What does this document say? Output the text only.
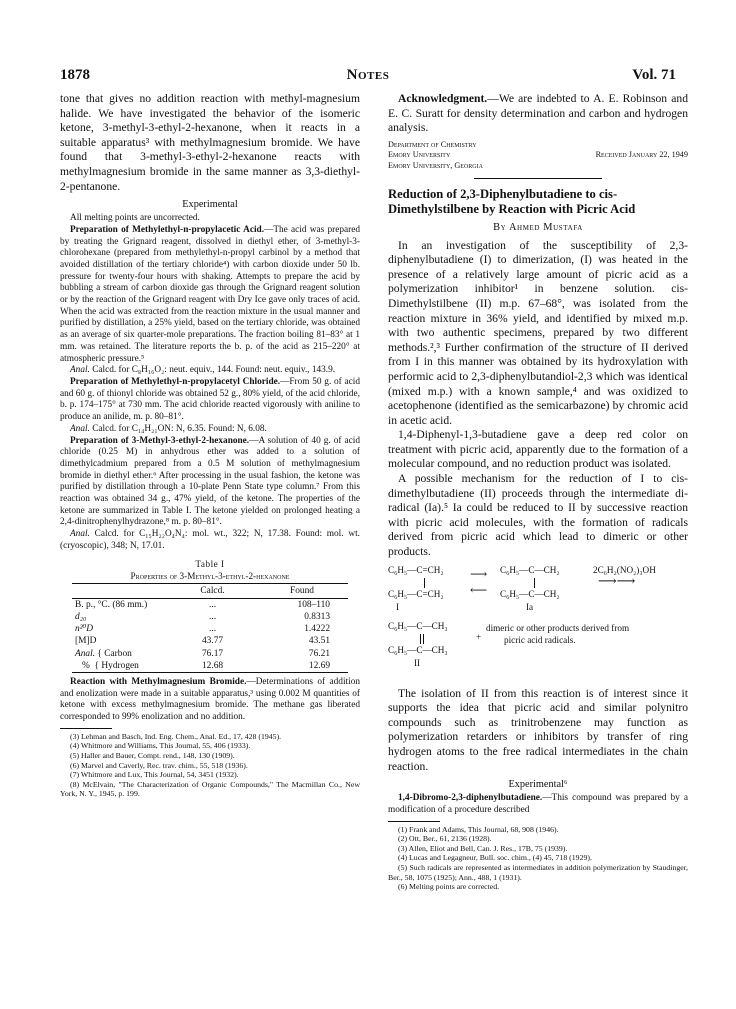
1878	Notes	Vol. 71

tone that gives no addition reaction with methyl-magnesium halide. We have investigated the behavior of the isomeric ketone, 3-methyl-3-ethyl-2-hexanone, when it reacts in a suitable apparatus³ with methylmagnesium bromide. We have found that 3-methyl-3-ethyl-2-hexanone reacts with methylmagnesium bromide in the same manner as 3,3-diethyl-2-pentanone.

Experimental

All melting points are uncorrected.

Preparation of Methylethyl-n-propylacetic Acid.—The acid was prepared by treating the Grignard reagent, dissolved in diethyl ether, of 3-methyl-3-chlorohexane (prepared from methylethyl-n-propyl carbinol by a method that avoided distillation of the tertiary chloride⁴) with carbon dioxide under 50 lb. pressure for twenty-four hours with shaking. Attempts to prepare the acid by bubbling a stream of carbon dioxide gas through the Grignard reagent solution or by the reaction of the Grignard reagent with Dry Ice gave only traces of acid. When the acid was extracted from the reaction mixture in the usual manner and purified by distillation, a 25% yield, based on the tertiary chloride, was obtained as an average of six quarter-mole preparations. The fraction boiling 81–83° at 1 mm. was retained. The literature reports the b. p. of the acid as 215–220° at atmospheric pressure.⁵

Anal. Calcd. for C₈H₁₆O₂: neut. equiv., 144. Found: neut. equiv., 143.9.

Preparation of Methylethyl-n-propylacetyl Chloride.—From 50 g. of acid and 60 g. of thionyl chloride was obtained 52 g., 80% yield, of the acid chloride, b. p. 174–175° at 730 mm. The acid chloride reacted vigorously with aniline to produce an anilide, m. p. 80–81°.

Anal. Calcd. for C₁₄H₂₁ON: N, 6.35. Found: N, 6.08.

Preparation of 3-Methyl-3-ethyl-2-hexanone.—A solution of 40 g. of acid chloride (0.25 M) in anhydrous ether was added to a solution of dimethylcadmium prepared from a 0.5 M solution of methylmagnesium bromide in diethyl ether.⁶ After processing in the usual fashion, the ketone was purified by distillation through a 10-plate Penn State type column.⁷ From this reaction was obtained 34 g., 47% yield, of the ketone. The properties of the ketone are summarized in Table I. The ketone yielded on prolonged heating a 2,4-dinitrophenylhydrazone,⁸ m. p. 80–81°.

Anal. Calcd. for C₁₅H₂₂O₄N₄: mol. wt., 322; N, 17.38. Found: mol. wt. (cryoscopic), 348; N, 17.01.

Table I
Properties of 3-Methyl-3-ethyl-2-hexanone
	Calcd.	Found
B. p., °C. (86 mm.)	...	108–110
d₂₀	...	0.8313
n²⁰D	...	1.4222
[M]D	43.77	43.51
Anal. { Carbon	76.17	76.21
%  { Hydrogen	12.68	12.69

Reaction with Methylmagnesium Bromide.—Determinations of addition and enolization were made in a suitable apparatus,³ using 0.002 M quantities of ketone with excess methylmagnesium bromide. The methane gas liberated corresponded to 99% enolization and no addition.

(3) Lehman and Basch, Ind. Eng. Chem., Anal. Ed., 17, 428 (1945).

(4) Whitmore and Williams, This Journal, 55, 406 (1933).

(5) Haller and Bauer, Compt. rend., 148, 130 (1909).

(6) Marvel and Caverly, Rec. trav. chim., 55, 518 (1936).

(7) Whitmore and Lux, This Journal, 54, 3451 (1932).

(8) McElvain, "The Characterization of Organic Compounds," The Macmillan Co., New York, N. Y., 1945, p. 199.

Acknowledgment.—We are indebted to A. E. Robinson and E. C. Suratt for density determination and carbon and hydrogen analysis.

Department of Chemistry
Emory University	Received January 22, 1949
Emory University, Georgia
Reduction of 2,3-Diphenylbutadiene to cis-Dimethylstilbene by Reaction with Picric Acid
By Ahmed Mustafa

In an investigation of the susceptibility of 2,3-diphenylbutadiene (I) to dimerization, (I) was heated in the presence of a relatively large amount of picric acid as a polymerization inhibitor¹ in benzene solution. cis-Dimethylstilbene (II) m.p. 67–68°, was isolated from the reaction mixture in 36% yield, and identified by mixed m.p. with two authentic specimens, prepared by two different methods.²,³ Further confirmation of the structure of II derived from I in this manner was obtained by its hydroxylation with performic acid to 2,3-diphenylbutandiol-2,3 which was identical (mixed m.p.) with a known sample,⁴ and was oxidized to acetophenone (identified as the semicarbazone) by chromic acid in acetic acid.

1,4-Diphenyl-1,3-butadiene gave a deep red color on treatment with picric acid, apparently due to the formation of a molecular compound, and no reduction product was isolated.

A possible mechanism for the reduction of I to cis-dimethylbutadiene (II) proceeds through the intermediate di-radical (Ia).⁵ Ia could be reduced to II by successive reaction with picric acid molecules, with the formation of radicals derived from picric acid which lead to dimeric or other products.

C₆H₅—C=CH₂
C₆H₅—C=CH₂
I
⟶
⟵
C₆H₅—C—CH₂
C₆H₅—C—CH₂
Ia
2C₆H₂(NO₂)₃OH
⟶⟶
C₆H₅—C—CH₃
C₆H₅—C—CH₃
II
+
dimeric or other products derived from
picric acid radicals.

The isolation of II from this reaction is of interest since it supports the idea that picric acid and similar polynitro compounds such as trinitrobenzene may function as polymerization retarders or inhibitors by transfer of ring hydrogen atoms to the free radical intermediates in the chain reaction.

Experimental⁶

1,4-Dibromo-2,3-diphenylbutadiene.—This compound was prepared by a modification of a procedure described

(1) Frank and Adams, This Journal, 68, 908 (1946).

(2) Ott, Ber., 61, 2136 (1928).

(3) Allen, Eliot and Bell, Can. J. Res., 17B, 75 (1939).

(4) Lucas and Legagneur, Bull. soc. chim., (4) 45, 718 (1929).

(5) Such radicals are represented as intermediates in addition polymerization by Staudinger, Ber., 58, 1075 (1925); Ann., 488, 1 (1931).

(6) Melting points are corrected.
